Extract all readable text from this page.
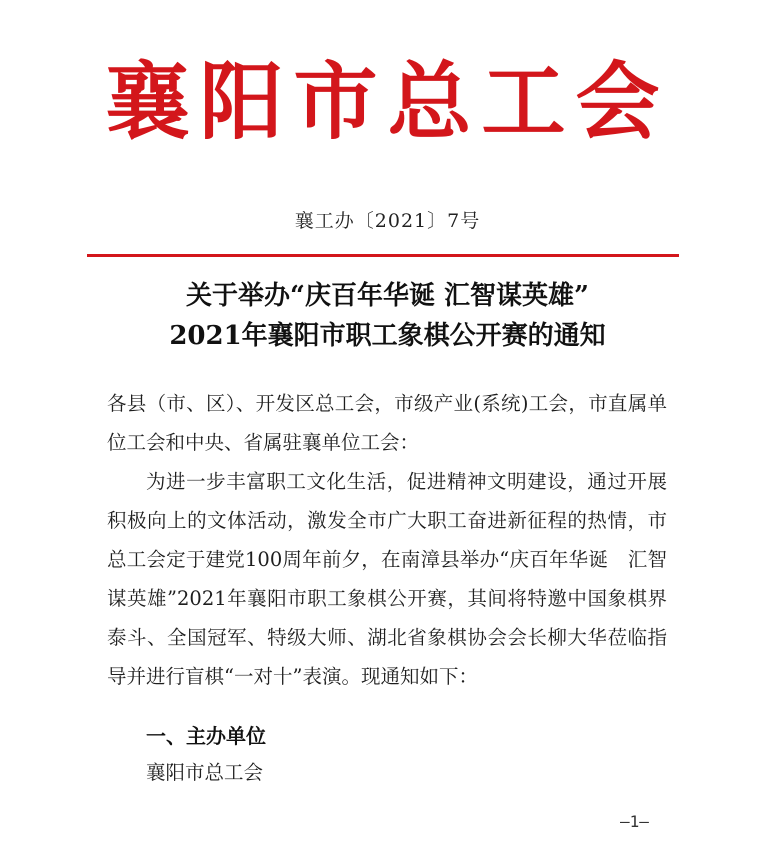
襄阳市总工会
襄工办〔2021〕7号
关于举办“庆百年华诞 汇智谋英雄”
2021年襄阳市职工象棋公开赛的通知

各县（市、区）、开发区总工会，市级产业(系统)工会，市直属单位工会和中央、省属驻襄单位工会：

为进一步丰富职工文化生活，促进精神文明建设，通过开展积极向上的文体活动，激发全市广大职工奋进新征程的热情，市总工会定于建党100周年前夕，在南漳县举办“庆百年华诞　汇智谋英雄”2021年襄阳市职工象棋公开赛，其间将特邀中国象棋界泰斗、全国冠军、特级大师、湖北省象棋协会会长柳大华莅临指导并进行盲棋“一对十”表演。现通知如下：

一、主办单位
襄阳市总工会
—1—
